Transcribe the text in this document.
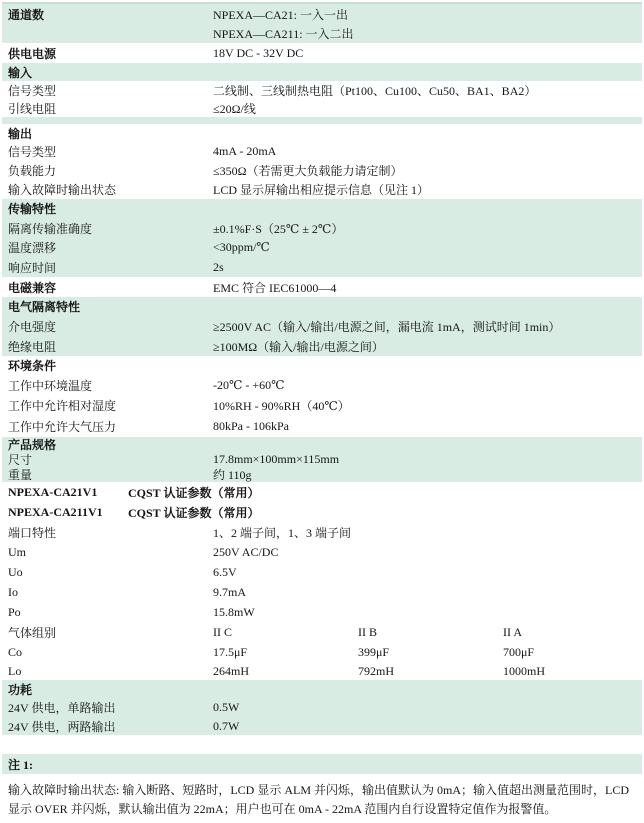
通道数	NPEXA—CA21: 一入一出
NPEXA—CA211: 一入二出
供电电源	18V DC - 32V DC
输入
信号类型	二线制、三线制热电阻（Pt100、Cu100、Cu50、BA1、BA2）
引线电阻	≤20Ω/线
输出
信号类型	4mA - 20mA
负载能力	≤350Ω（若需更大负载能力请定制）
输入故障时输出状态	LCD 显示屏输出相应提示信息（见注 1）
传输特性
隔离传输准确度	±0.1%F·S（25℃ ± 2℃）
温度漂移	<30ppm/℃
响应时间	2s
电磁兼容	EMC 符合 IEC61000—4
电气隔离特性
介电强度	≥2500V AC（输入/输出/电源之间，漏电流 1mA，测试时间 1min）
绝缘电阻	≥100MΩ（输入/输出/电源之间）
环境条件
工作中环境温度	-20℃ - +60℃
工作中允许相对湿度	10%RH - 90%RH（40℃）
工作中允许大气压力	80kPa - 106kPa
产品规格
尺寸	17.8mm×100mm×115mm
重量	约 110g
NPEXA-CA21V1	CQST 认证参数（常用）
NPEXA-CA211V1	CQST 认证参数（常用）
端口特性	1、2 端子间，1、3 端子间
Um	250V AC/DC
Uo	6.5V
Io	9.7mA
Po	15.8mW
气体组别	II C	II B	II A
Co	17.5μF	399μF	700μF
Lo	264mH	792mH	1000mH
功耗
24V 供电，单路输出	0.5W
24V 供电，两路输出	0.7W
注 1:
输入故障时输出状态: 输入断路、短路时，LCD 显示 ALM 并闪烁，输出值默认为 0mA；输入值超出测量范围时，LCD
显示 OVER 并闪烁，默认输出值为 22mA；用户也可在 0mA - 22mA 范围内自行设置特定值作为报警值。
